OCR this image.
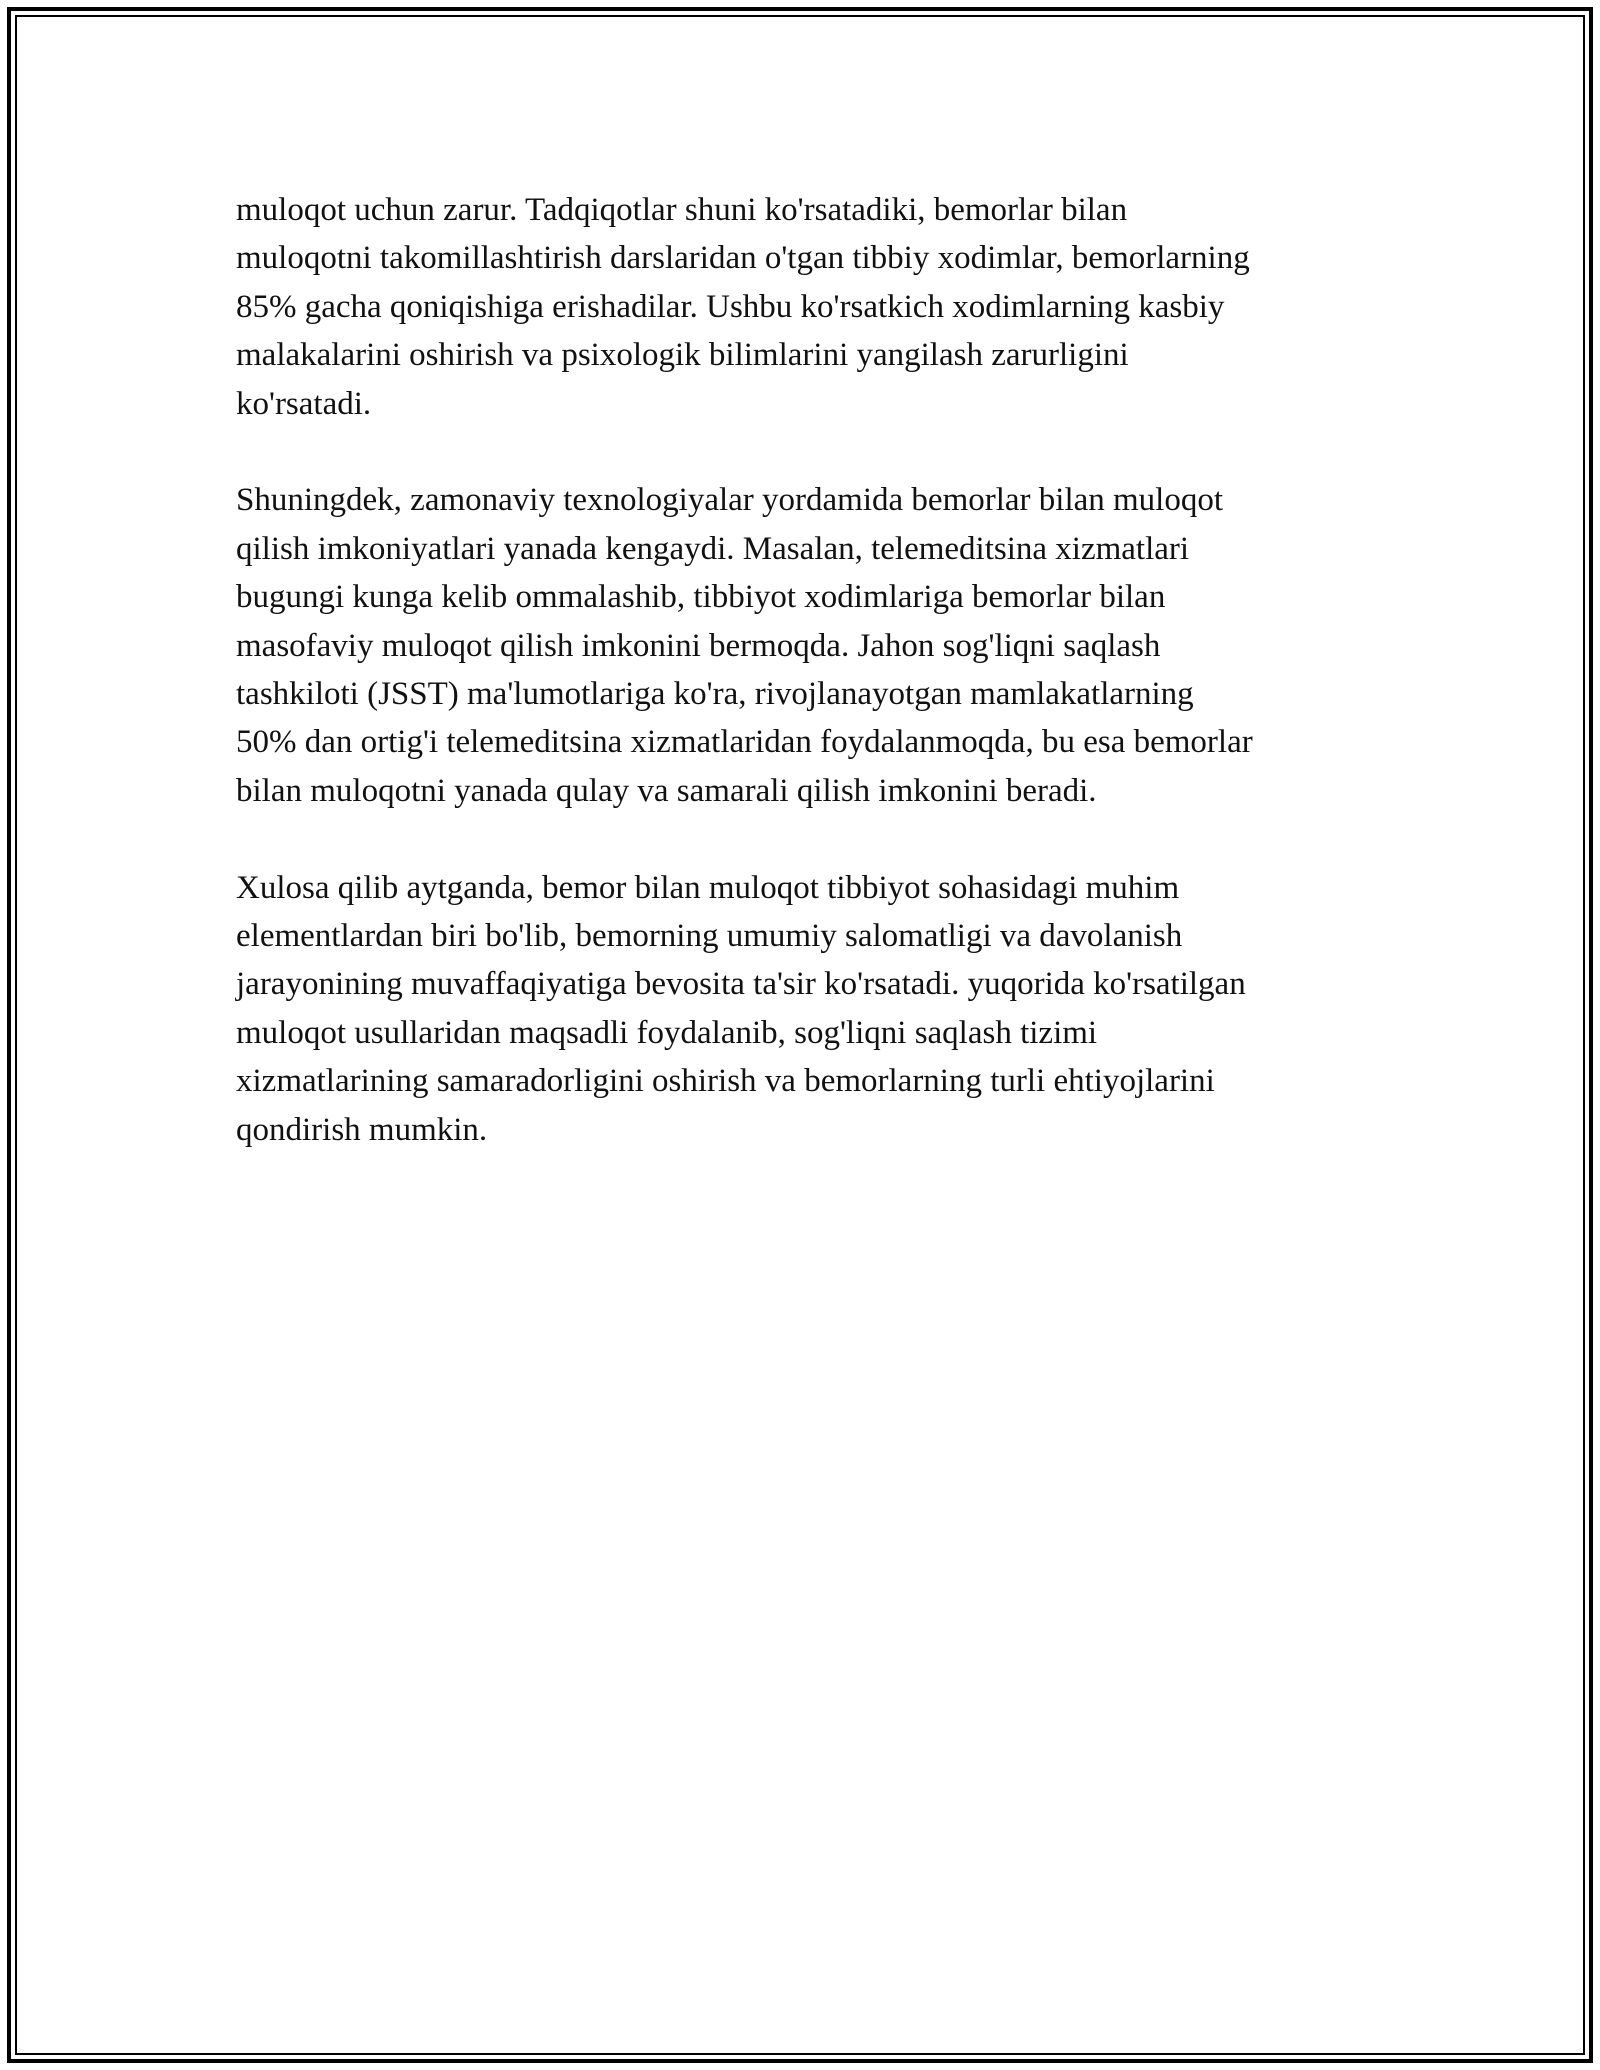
muloqot uchun zarur. Tadqiqotlar shuni ko'rsatadiki, bemorlar bilan
muloqotni takomillashtirish darslaridan o'tgan tibbiy xodimlar, bemorlarning
85% gacha qoniqishiga erishadilar. Ushbu ko'rsatkich xodimlarning kasbiy
malakalarini oshirish va psixologik bilimlarini yangilash zarurligini
ko'rsatadi.

Shuningdek, zamonaviy texnologiyalar yordamida bemorlar bilan muloqot
qilish imkoniyatlari yanada kengaydi. Masalan, telemeditsina xizmatlari
bugungi kunga kelib ommalashib, tibbiyot xodimlariga bemorlar bilan
masofaviy muloqot qilish imkonini bermoqda. Jahon sog'liqni saqlash
tashkiloti (JSST) ma'lumotlariga ko'ra, rivojlanayotgan mamlakatlarning
50% dan ortig'i telemeditsina xizmatlaridan foydalanmoqda, bu esa bemorlar
bilan muloqotni yanada qulay va samarali qilish imkonini beradi.

Xulosa qilib aytganda, bemor bilan muloqot tibbiyot sohasidagi muhim
elementlardan biri bo'lib, bemorning umumiy salomatligi va davolanish
jarayonining muvaffaqiyatiga bevosita ta'sir ko'rsatadi. yuqorida ko'rsatilgan
muloqot usullaridan maqsadli foydalanib, sog'liqni saqlash tizimi
xizmatlarining samaradorligini oshirish va bemorlarning turli ehtiyojlarini
qondirish mumkin.
